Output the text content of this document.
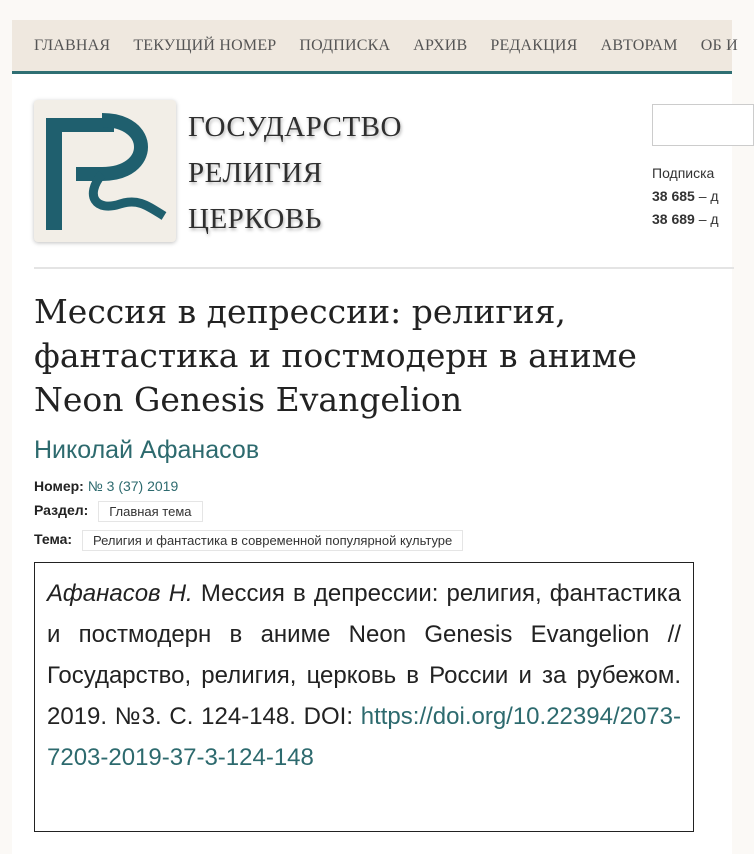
ГЛАВНАЯ ТЕКУЩИЙ НОМЕР ПОДПИСКА АРХИВ РЕДАКЦИЯ АВТОРАМ ОБ И
ГОСУДАРСТВО
РЕЛИГИЯ
ЦЕРКОВЬ
Подписка
38 685 – д
38 689 – д
Мессия в депрессии: религия, фантастика и постмодерн в аниме Neon Genesis Evangelion
Николай Афанасов
Номер: № 3 (37) 2019
Раздел: Главная тема
Тема: Религия и фантастика в современной популярной культуре
Афанасов Н. Мессия в депрессии: религия, фантастика и постмодерн в аниме Neon Genesis Evangelion // Государство, религия, церковь в России и за рубежом. 2019. №3. С. 124-148. DOI: https://doi.org/10.22394/2073-7203-2019-37-3-124-148
